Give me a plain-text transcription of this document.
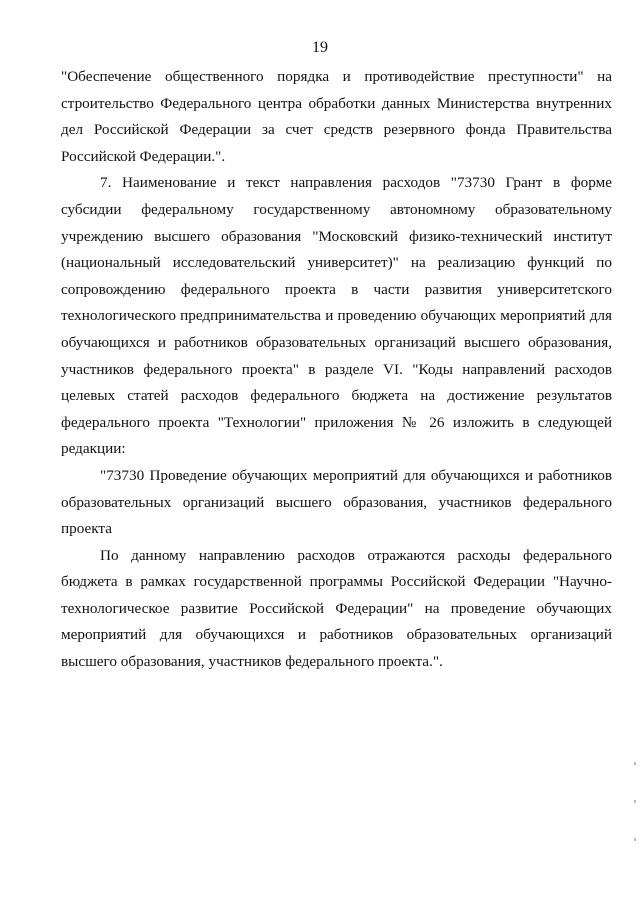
19

"Обеспечение общественного порядка и противодействие преступности" на строительство Федерального центра обработки данных Министерства внутренних дел Российской Федерации за счет средств резервного фонда Правительства Российской Федерации.".

7. Наименование и текст направления расходов "73730 Грант в форме субсидии федеральному государственному автономному образовательному учреждению высшего образования "Московский физико-технический институт (национальный исследовательский университет)" на реализацию функций по сопровождению федерального проекта в части развития университетского технологического предпринимательства и проведению обучающих мероприятий для обучающихся и работников образовательных организаций высшего образования, участников федерального проекта" в разделе VI. "Коды направлений расходов целевых статей расходов федерального бюджета на достижение результатов федерального проекта "Технологии" приложения № 26 изложить в следующей редакции:

"73730 Проведение обучающих мероприятий для обучающихся и работников образовательных организаций высшего образования, участников федерального проекта

По данному направлению расходов отражаются расходы федерального бюджета в рамках государственной программы Российской Федерации "Научно-технологическое развитие Российской Федерации" на проведение обучающих мероприятий для обучающихся и работников образовательных организаций высшего образования, участников федерального проекта.".
